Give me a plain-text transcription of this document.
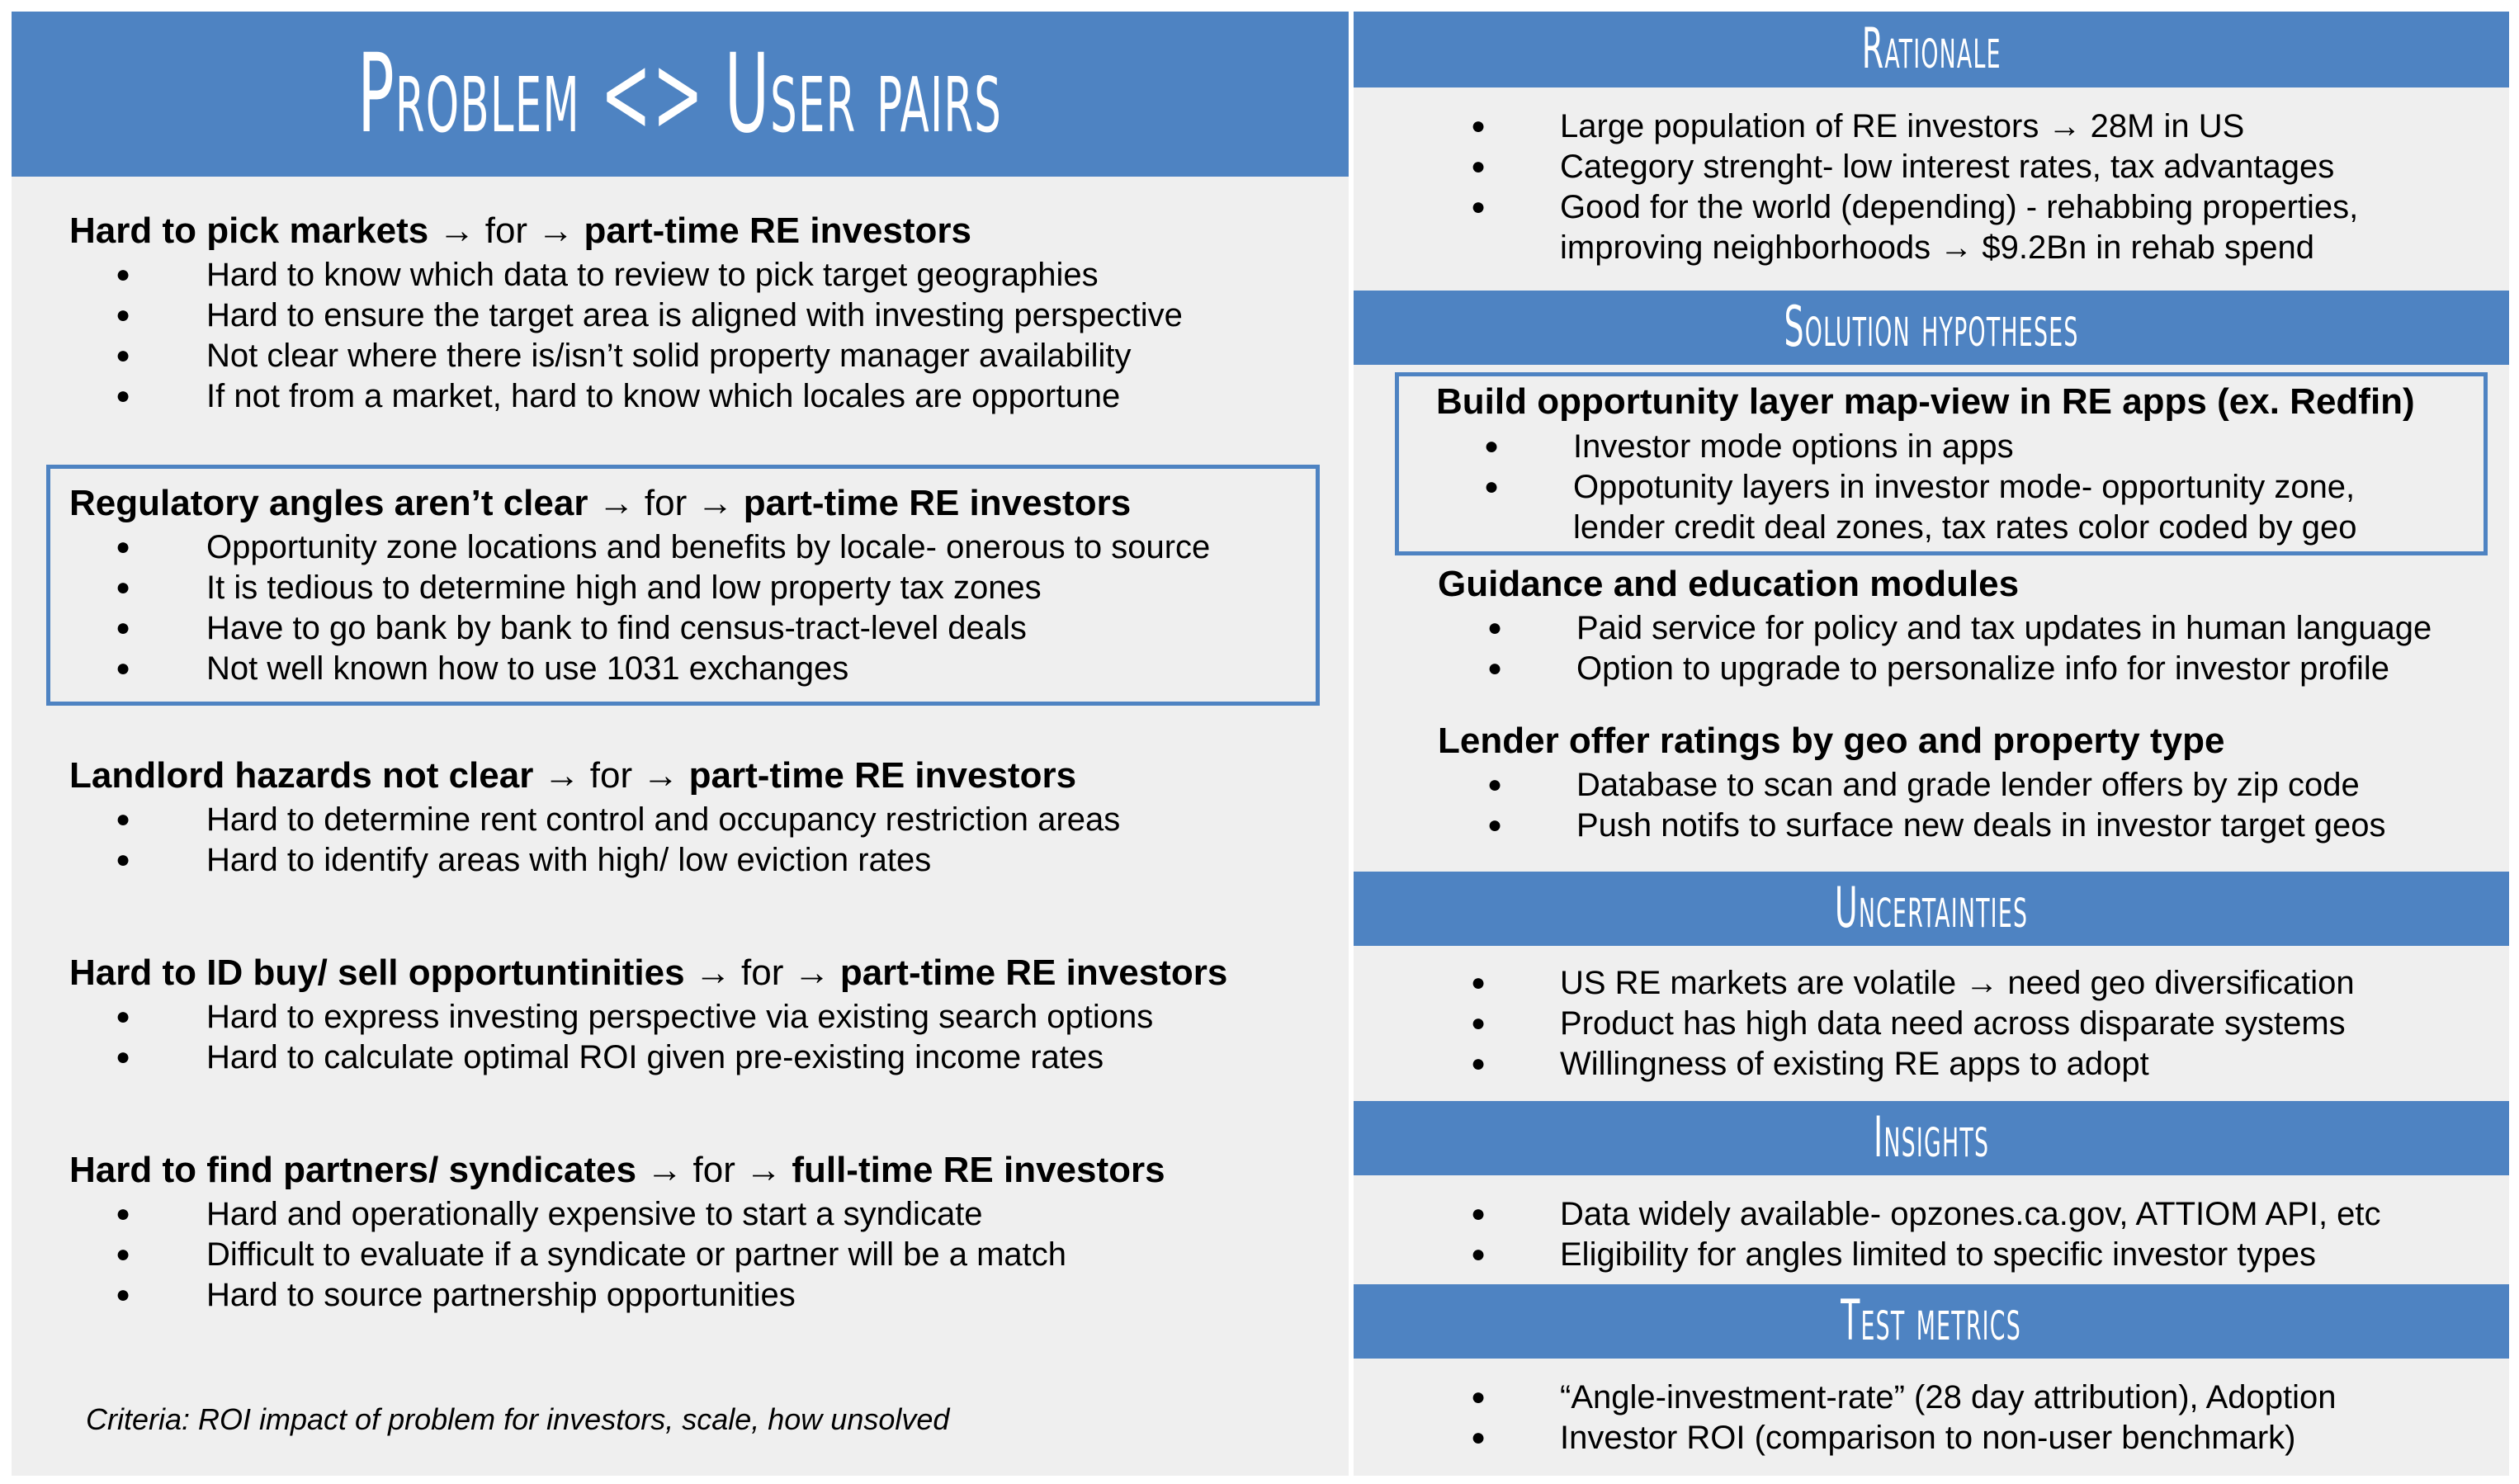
Problem <> User pairs
Hard to pick markets → for → part-time RE investors
● Hard to know which data to review to pick target geographies
● Hard to ensure the target area is aligned with investing perspective
● Not clear where there is/isn’t solid property manager availability
● If not from a market, hard to know which locales are opportune
Regulatory angles aren’t clear → for → part-time RE investors
● Opportunity zone locations and benefits by locale- onerous to source
● It is tedious to determine high and low property tax zones
● Have to go bank by bank to find census-tract-level deals
● Not well known how to use 1031 exchanges
Landlord hazards not clear → for → part-time RE investors
● Hard to determine rent control and occupancy restriction areas
● Hard to identify areas with high/ low eviction rates
Hard to ID buy/ sell opportuntinities → for → part-time RE investors
● Hard to express investing perspective via existing search options
● Hard to calculate optimal ROI given pre-existing income rates
Hard to find partners/ syndicates → for → full-time RE investors
● Hard and operationally expensive to start a syndicate
● Difficult to evaluate if a syndicate or partner will be a match
● Hard to source partnership opportunities
Criteria: ROI impact of problem for investors, scale, how unsolved
Rationale
● Large population of RE investors → 28M in US
● Category strenght- low interest rates, tax advantages
● Good for the world (depending) - rehabbing properties,
improving neighborhoods → $9.2Bn in rehab spend
Solution hypotheses
Build opportunity layer map-view in RE apps (ex. Redfin)
● Investor mode options in apps
● Oppotunity layers in investor mode- opportunity zone,
lender credit deal zones, tax rates color coded by geo
Guidance and education modules
● Paid service for policy and tax updates in human language
● Option to upgrade to personalize info for investor profile
Lender offer ratings by geo and property type
● Database to scan and grade lender offers by zip code
● Push notifs to surface new deals in investor target geos
Uncertainties
● US RE markets are volatile → need geo diversification
● Product has high data need across disparate systems
● Willingness of existing RE apps to adopt
Insights
● Data widely available- opzones.ca.gov, ATTIOM API, etc
● Eligibility for angles limited to specific investor types
Test metrics
● “Angle-investment-rate” (28 day attribution), Adoption
● Investor ROI (comparison to non-user benchmark)
